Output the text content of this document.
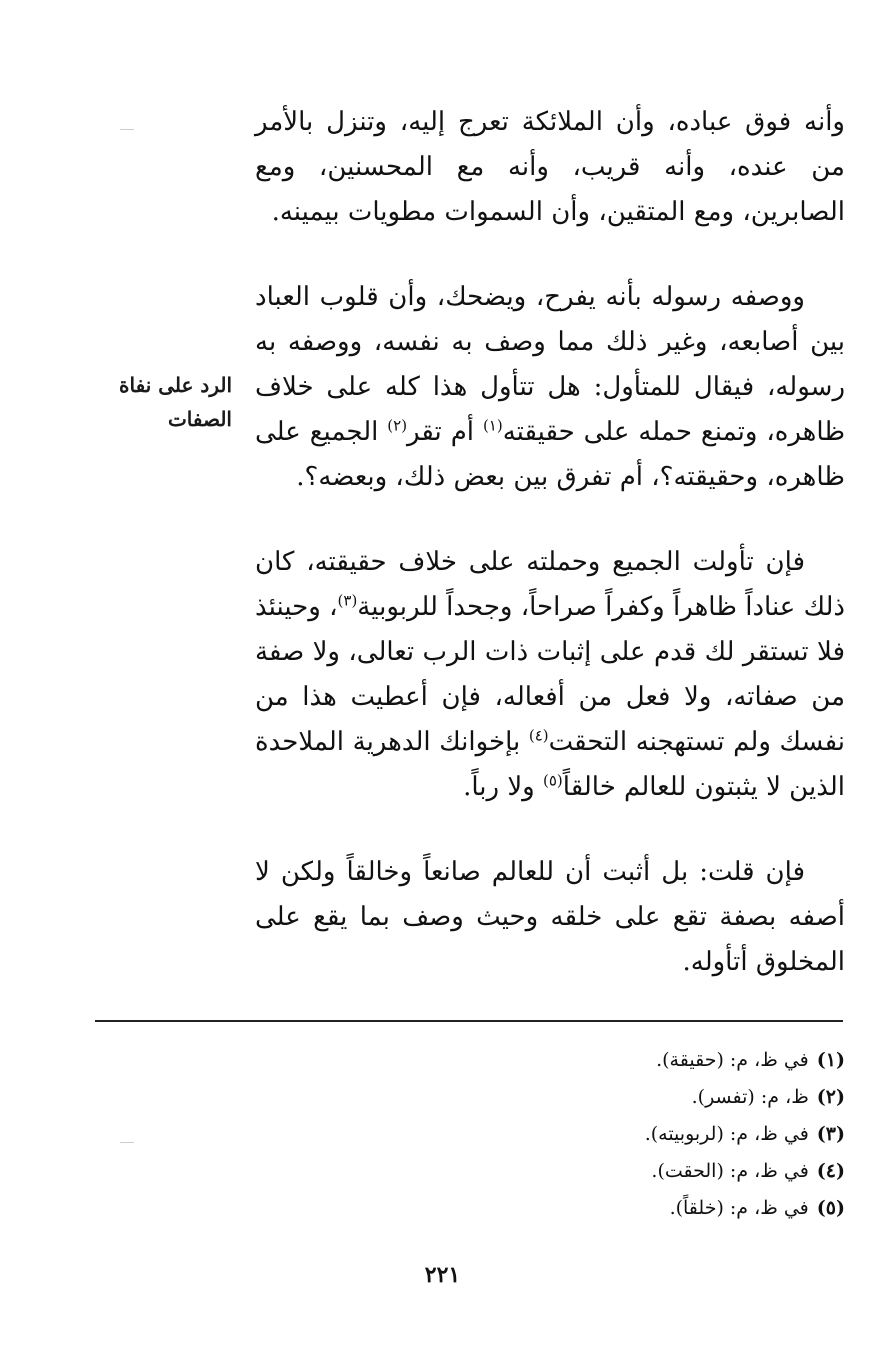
وأنه فوق عباده، وأن الملائكة تعرج إليه، وتنزل بالأمر من عنده، وأنه قريب، وأنه مع المحسنين، ومع الصابرين، ومع المتقين، وأن السموات مطويات بيمينه.

ووصفه رسوله بأنه يفرح، ويضحك، وأن قلوب العباد بين أصابعه، وغير ذلك مما وصف به نفسه، ووصفه به رسوله، فيقال للمتأول: هل تتأول هذا كله على خلاف ظاهره، وتمنع حمله على حقيقته$^{(١)}$ أم تقر$^{(٢)}$ الجميع على ظاهره، وحقيقته؟، أم تفرق بين بعض ذلك، وبعضه؟.

فإن تأولت الجميع وحملته على خلاف حقيقته، كان ذلك عناداً ظاهراً وكفراً صراحاً، وجحداً للربوبية$^{(٣)}$، وحينئذ فلا تستقر لك قدم على إثبات ذات الرب تعالى، ولا صفة من صفاته، ولا فعل من أفعاله، فإن أعطيت هذا من نفسك ولم تستهجنه التحقت$^{(٤)}$ بإخوانك الدهرية الملاحدة الذين لا يثبتون للعالم خالقاً$^{(٥)}$ ولا رباً.

فإن قلت: بل أثبت أن للعالم صانعاً وخالقاً ولكن لا أصفه بصفة تقع على خلقه وحيث وصف بما يقع على المخلوق أتأوله.

الرد على نفاة الصفات
(١)في ظ، م: (حقيقة).
(٢)ظ، م: (تفسر).
(٣)في ظ، م: (لربوبيته).
(٤)في ظ، م: (الحقت).
(٥)في ظ، م: (خلقاً).
٢٢١
